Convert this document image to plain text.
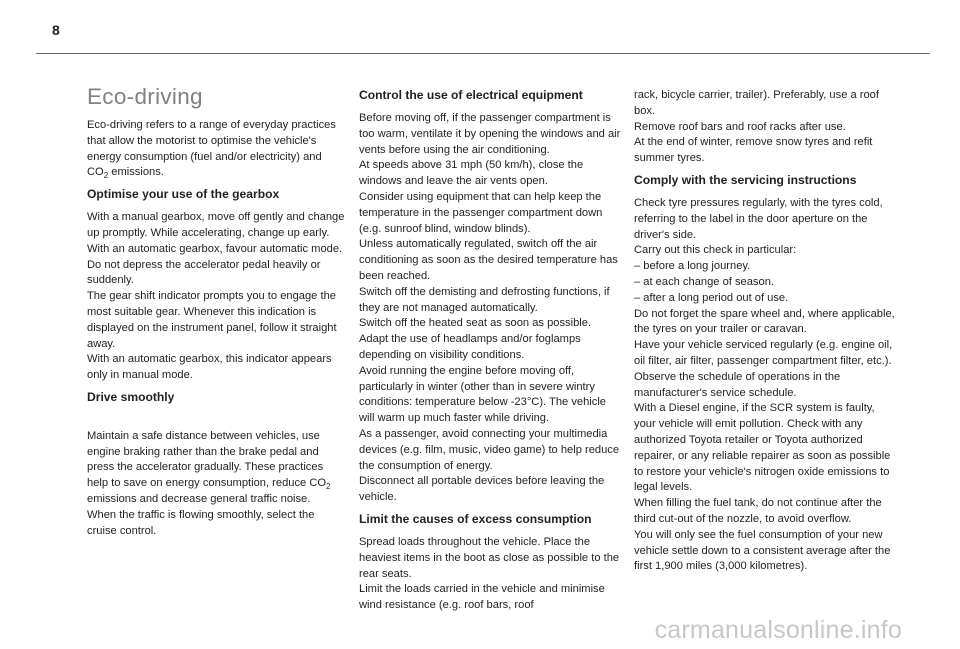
8
Eco-driving

Eco-driving refers to a range of everyday practices that allow the motorist to optimise the vehicle's energy consumption (fuel and/or electricity) and $CO_2$ emissions.

Optimise your use of the gearbox

With a manual gearbox, move off gently and change up promptly. While accelerating, change up early.
With an automatic gearbox, favour automatic mode. Do not depress the accelerator pedal heavily or suddenly.
The gear shift indicator prompts you to engage the most suitable gear. Whenever this indication is displayed on the instrument panel, follow it straight away.
With an automatic gearbox, this indicator appears only in manual mode.

Drive smoothly

Maintain a safe distance between vehicles, use engine braking rather than the brake pedal and press the accelerator gradually. These practices help to save on energy consumption, reduce $CO_2$ emissions and decrease general traffic noise.
When the traffic is flowing smoothly, select the cruise control.

Control the use of electrical equipment

Before moving off, if the passenger compartment is too warm, ventilate it by opening the windows and air vents before using the air conditioning.
At speeds above 31 mph (50 km/h), close the windows and leave the air vents open.
Consider using equipment that can help keep the temperature in the passenger compartment down (e.g. sunroof blind, window blinds).
Unless automatically regulated, switch off the air conditioning as soon as the desired temperature has been reached.
Switch off the demisting and defrosting functions, if they are not managed automatically.
Switch off the heated seat as soon as possible.
Adapt the use of headlamps and/or foglamps depending on visibility conditions.
Avoid running the engine before moving off, particularly in winter (other than in severe wintry conditions: temperature below -23°C). The vehicle will warm up much faster while driving.
As a passenger, avoid connecting your multimedia devices (e.g. film, music, video game) to help reduce the consumption of energy.
Disconnect all portable devices before leaving the vehicle.

Limit the causes of excess consumption

Spread loads throughout the vehicle. Place the heaviest items in the boot as close as possible to the rear seats.
Limit the loads carried in the vehicle and minimise wind resistance (e.g. roof bars, roof

rack, bicycle carrier, trailer). Preferably, use a roof box.
Remove roof bars and roof racks after use.
At the end of winter, remove snow tyres and refit summer tyres.

Comply with the servicing instructions

Check tyre pressures regularly, with the tyres cold, referring to the label in the door aperture on the driver's side.
Carry out this check in particular:
– before a long journey.
– at each change of season.
– after a long period out of use.
Do not forget the spare wheel and, where applicable, the tyres on your trailer or caravan.
Have your vehicle serviced regularly (e.g. engine oil, oil filter, air filter, passenger compartment filter, etc.). Observe the schedule of operations in the manufacturer's service schedule.
With a Diesel engine, if the SCR system is faulty, your vehicle will emit pollution. Check with any authorized Toyota retailer or Toyota authorized repairer, or any reliable repairer as soon as possible to restore your vehicle's nitrogen oxide emissions to legal levels.
When filling the fuel tank, do not continue after the third cut-out of the nozzle, to avoid overflow.
You will only see the fuel consumption of your new vehicle settle down to a consistent average after the first 1,900 miles (3,000 kilometres).

carmanualsonline.info
